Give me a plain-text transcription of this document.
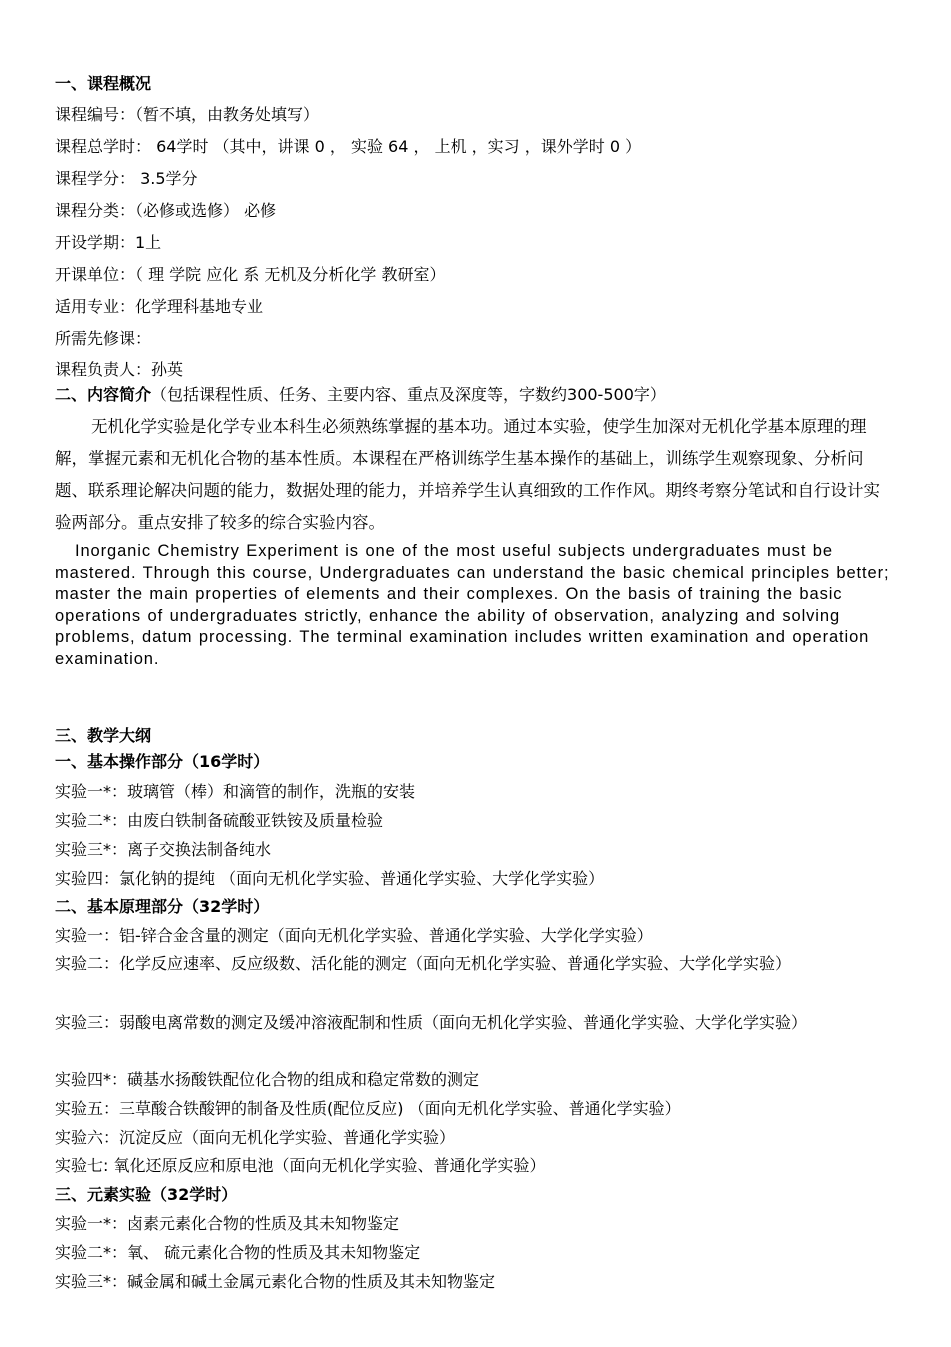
一、课程概况
课程编号：（暂不填，由教务处填写）
课程总学时： 64学时 （其中，讲课 0 ， 实验 64 ， 上机 ，实习 ，课外学时 0 ）
课程学分： 3.5学分
课程分类：（必修或选修） 必修
开设学期：1上
开课单位：（ 理 学院 应化 系 无机及分析化学 教研室）
适用专业：化学理科基地专业
所需先修课：
课程负责人：孙英
二、内容简介（包括课程性质、任务、主要内容、重点及深度等，字数约300-500字）
无机化学实验是化学专业本科生必须熟练掌握的基本功。通过本实验，使学生加深对无机化学基本原理的理解，掌握元素和无机化合物的基本性质。本课程在严格训练学生基本操作的基础上，训练学生观察现象、分析问题、联系理论解决问题的能力，数据处理的能力，并培养学生认真细致的工作作风。期终考察分笔试和自行设计实验两部分。重点安排了较多的综合实验内容。
Inorganic Chemistry Experiment is one of the most useful subjects undergraduates must be mastered. Through this course, Undergraduates can understand the basic chemical principles better; master the main properties of elements and their complexes. On the basis of training the basic operations of undergraduates strictly, enhance the ability of observation, analyzing and solving problems, datum processing. The terminal examination includes written examination and operation examination.
三、教学大纲
一、基本操作部分（16学时）
实验一*：玻璃管（棒）和滴管的制作，洗瓶的安装
实验二*：由废白铁制备硫酸亚铁铵及质量检验
实验三*：离子交换法制备纯水
实验四：氯化钠的提纯 （面向无机化学实验、普通化学实验、大学化学实验）
二、基本原理部分（32学时）
实验一：铝-锌合金含量的测定（面向无机化学实验、普通化学实验、大学化学实验）
实验二：化学反应速率、反应级数、活化能的测定（面向无机化学实验、普通化学实验、大学化学实验）
实验三：弱酸电离常数的测定及缓冲溶液配制和性质（面向无机化学实验、普通化学实验、大学化学实验）
实验四*：磺基水扬酸铁配位化合物的组成和稳定常数的测定
实验五：三草酸合铁酸钾的制备及性质(配位反应) （面向无机化学实验、普通化学实验）
实验六：沉淀反应（面向无机化学实验、普通化学实验）
实验七: 氧化还原反应和原电池（面向无机化学实验、普通化学实验）
三、元素实验（32学时）
实验一*：卤素元素化合物的性质及其未知物鉴定
实验二*：氧、 硫元素化合物的性质及其未知物鉴定
实验三*：碱金属和碱土金属元素化合物的性质及其未知物鉴定
